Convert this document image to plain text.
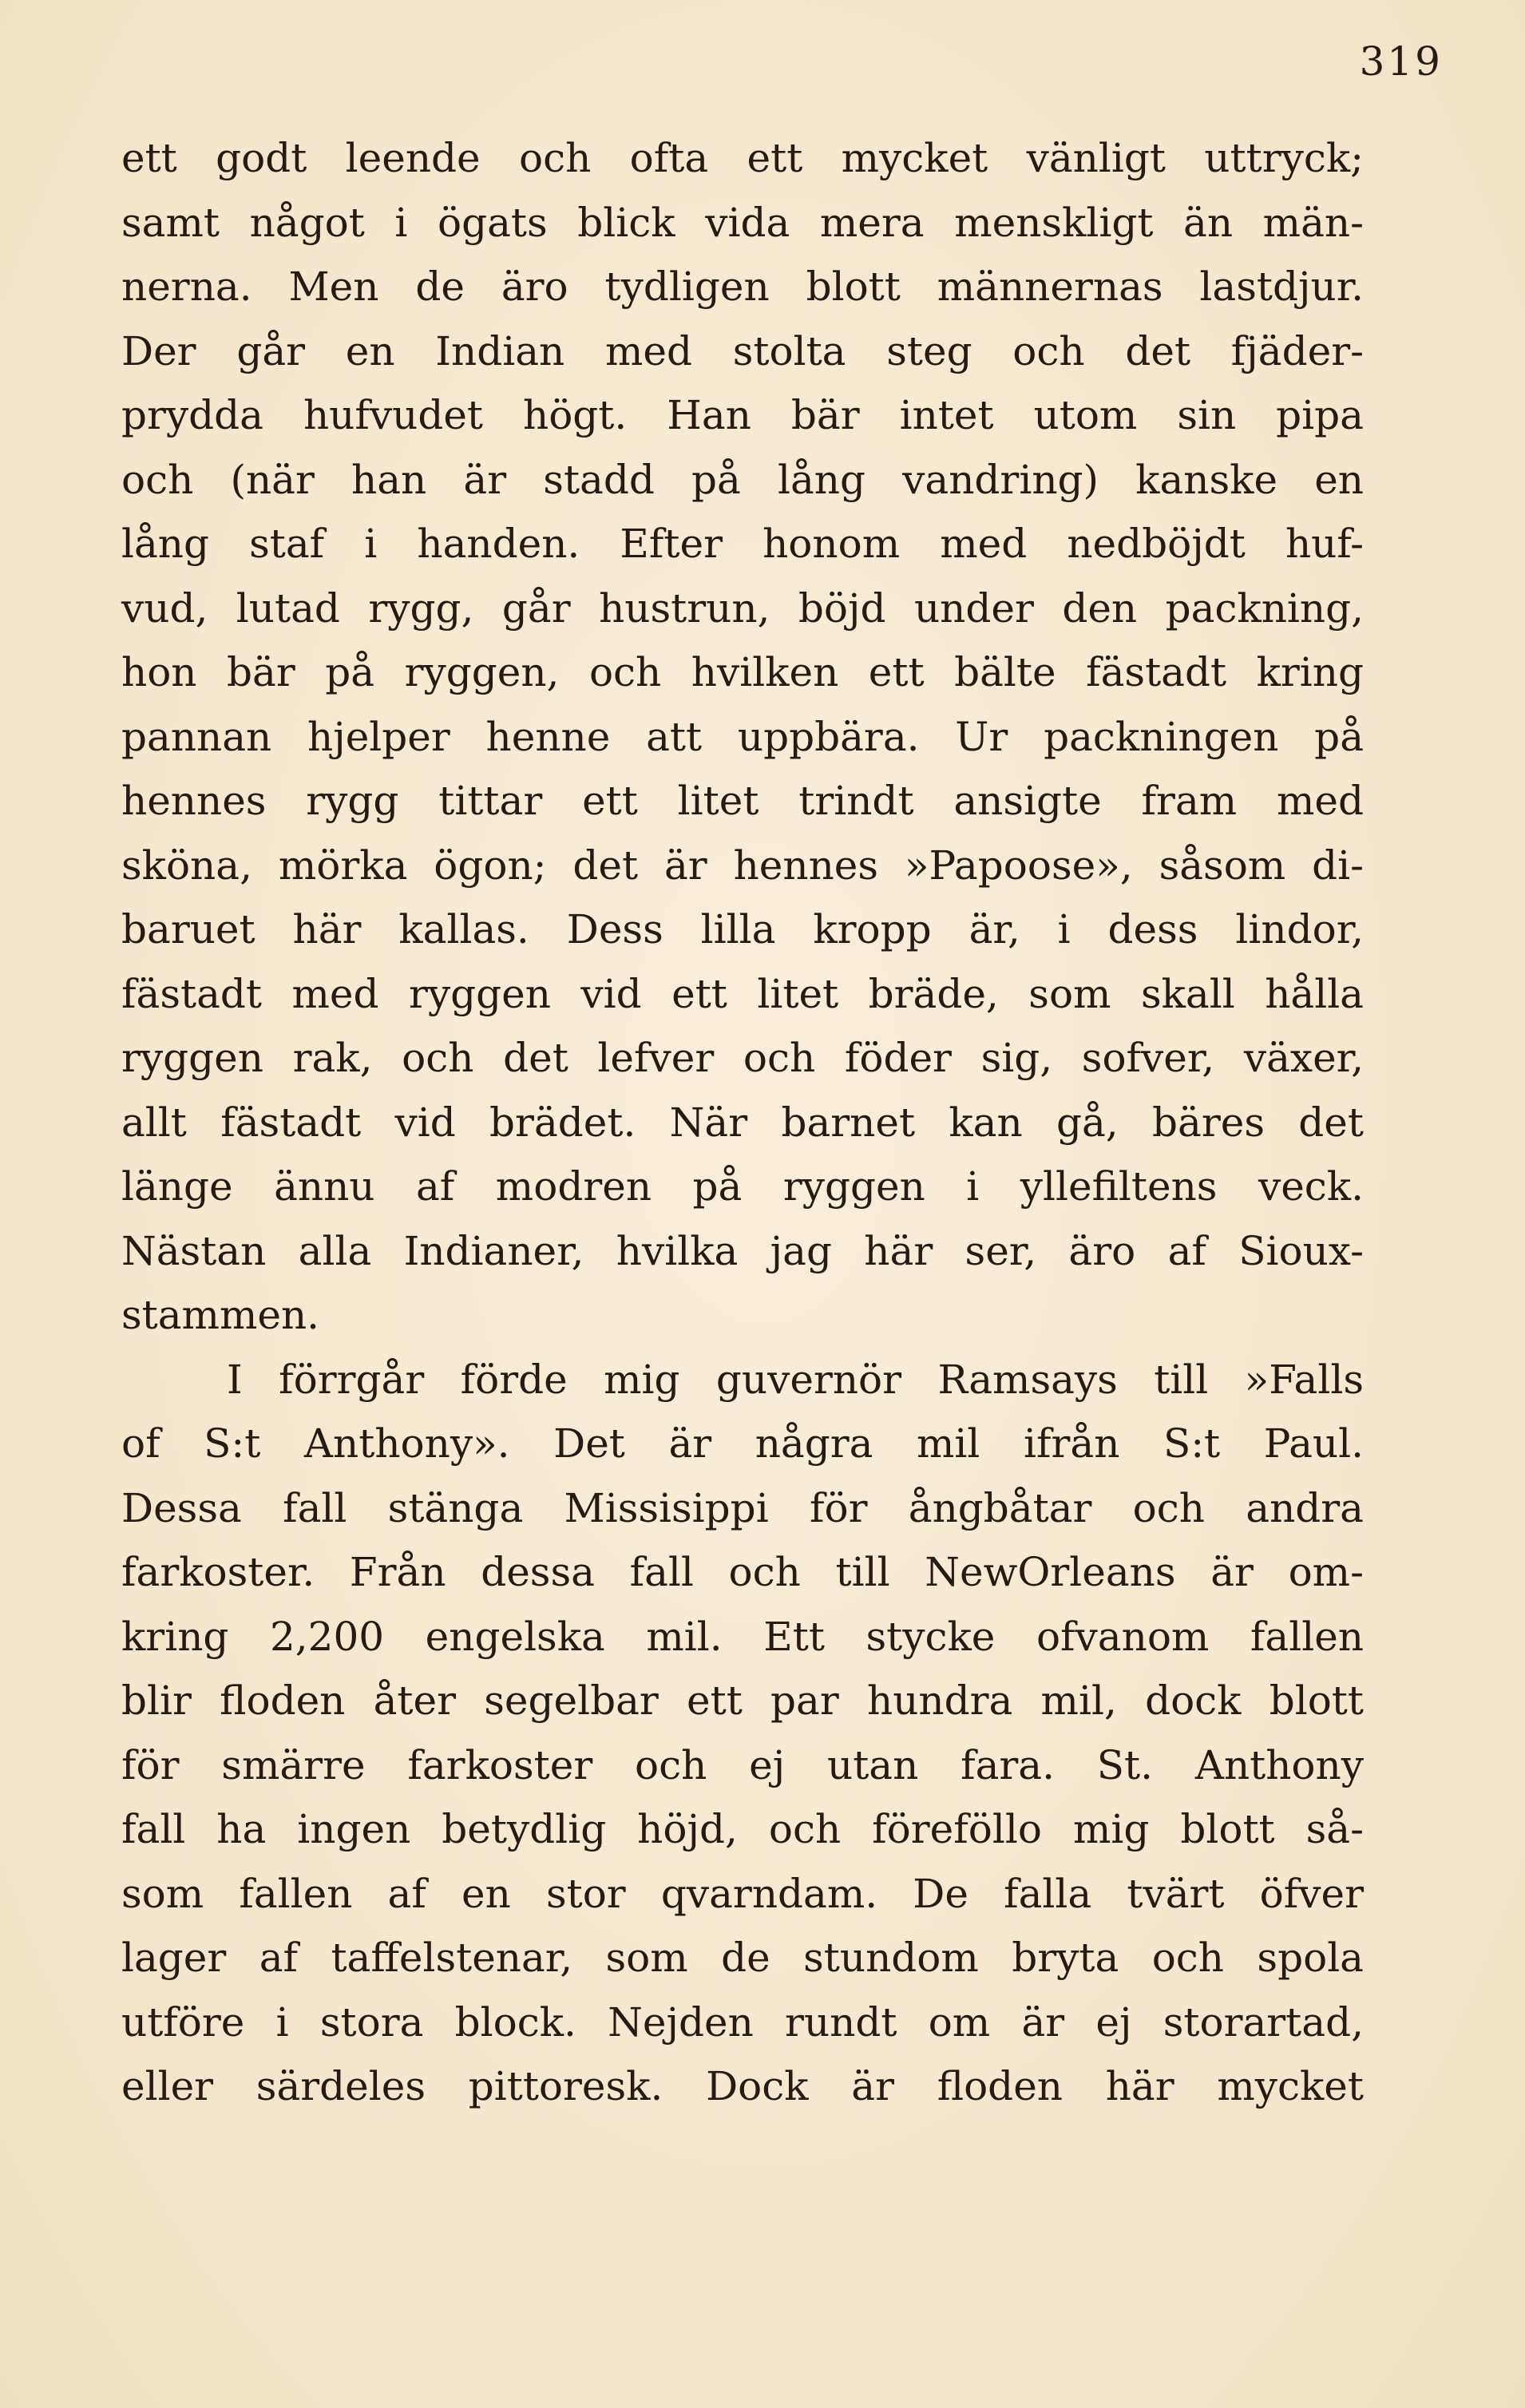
319
ett godt leende och ofta ett mycket vänligt uttryck;
samt något i ögats blick vida mera menskligt än män-
nerna. Men de äro tydligen blott männernas lastdjur.
Der går en Indian med stolta steg och det fjäder-
prydda hufvudet högt. Han bär intet utom sin pipa
och (när han är stadd på lång vandring) kanske en
lång staf i handen. Efter honom med nedböjdt huf-
vud, lutad rygg, går hustrun, böjd under den packning,
hon bär på ryggen, och hvilken ett bälte fästadt kring
pannan hjelper henne att uppbära. Ur packningen på
hennes rygg tittar ett litet trindt ansigte fram med
sköna, mörka ögon; det är hennes »Papoose», såsom di-
baruet här kallas. Dess lilla kropp är, i dess lindor,
fästadt med ryggen vid ett litet bräde, som skall hålla
ryggen rak, och det lefver och föder sig, sofver, växer,
allt fästadt vid brädet. När barnet kan gå, bäres det
länge ännu af modren på ryggen i yllefiltens veck.
Nästan alla Indianer, hvilka jag här ser, äro af Sioux-
stammen.
I förrgår förde mig guvernör Ramsays till »Falls
of S:t Anthony». Det är några mil ifrån S:t Paul.
Dessa fall stänga Missisippi för ångbåtar och andra
farkoster. Från dessa fall och till NewOrleans är om-
kring 2,200 engelska mil. Ett stycke ofvanom fallen
blir floden åter segelbar ett par hundra mil, dock blott
för smärre farkoster och ej utan fara. St. Anthony
fall ha ingen betydlig höjd, och föreföllo mig blott så-
som fallen af en stor qvarndam. De falla tvärt öfver
lager af taffelstenar, som de stundom bryta och spola
utföre i stora block. Nejden rundt om är ej storartad,
eller särdeles pittoresk. Dock är floden här mycket
